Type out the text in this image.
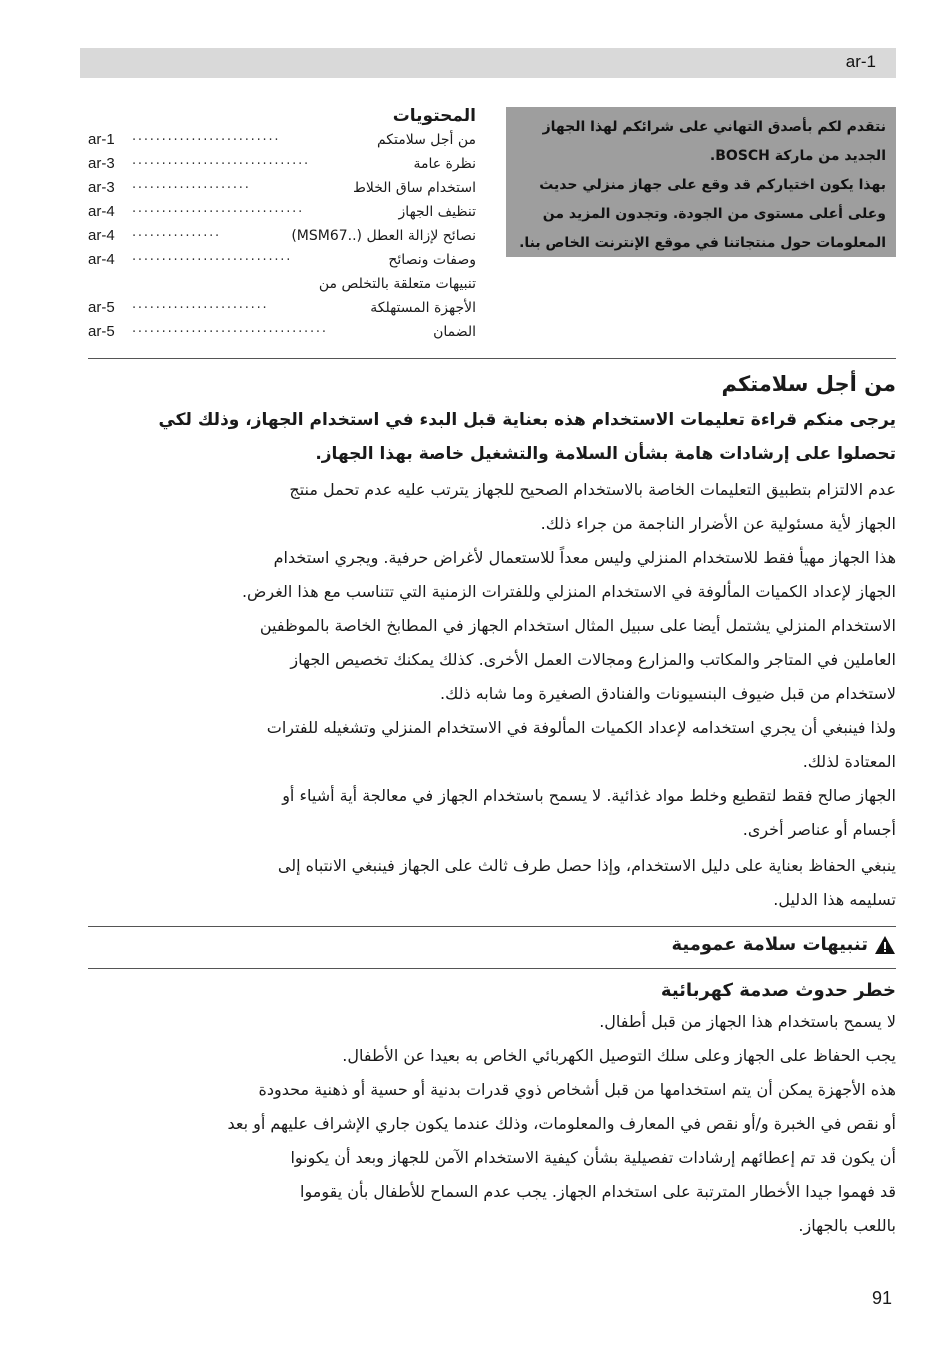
ar-1
نتقدم لكم بأصدق التهاني على شرائكم لهذا الجهاز
الجديد من ماركة BOSCH.
بهذا يكون اختياركم قد وقع على جهاز منزلي حديث
وعلى أعلى مستوى من الجودة. وتجدون المزيد من
المعلومات حول منتجاتنا في موقع الإنترنت الخاص بنا.
المحتويات
من أجل سلامتكم
.........................
ar-1
نظرة عامة
..............................
ar-3
استخدام ساق الخلاط
....................
ar-3
تنظيف الجهاز
.............................
ar-4
نصائح لإزالة العطل (..MSM67)
...............
ar-4
وصفات ونصائح
...........................
ar-4
تنبيهات متعلقة بالتخلص من
الأجهزة المستهلكة
.......................
ar-5
الضمان
.................................
ar-5
من أجل سلامتكم
يرجى منكم قراءة تعليمات الاستخدام هذه بعناية قبل البدء في استخدام الجهاز، وذلك لكي
تحصلوا على إرشادات هامة بشأن السلامة والتشغيل خاصة بهذا الجهاز.
عدم الالتزام بتطبيق التعليمات الخاصة بالاستخدام الصحيح للجهاز يترتب عليه عدم تحمل منتج
الجهاز لأية مسئولية عن الأضرار الناجمة من جراء ذلك.
هذا الجهاز مهيأ فقط للاستخدام المنزلي وليس معداً للاستعمال لأغراض حرفية. ويجري استخدام
الجهاز لإعداد الكميات المألوفة في الاستخدام المنزلي وللفترات الزمنية التي تتناسب مع هذا الغرض.
الاستخدام المنزلي يشتمل أيضا على سبيل المثال استخدام الجهاز في المطابخ الخاصة بالموظفين
العاملين في المتاجر والمكاتب والمزارع ومجالات العمل الأخرى. كذلك يمكنك تخصيص الجهاز
لاستخدام من قبل ضيوف البنسيونات والفنادق الصغيرة وما شابه ذلك.
ولذا فينبغي أن يجري استخدامه لإعداد الكميات المألوفة في الاستخدام المنزلي وتشغيله للفترات
المعتادة لذلك.
الجهاز صالح فقط لتقطيع وخلط مواد غذائية. لا يسمح باستخدام الجهاز في معالجة أية أشياء أو
أجسام أو عناصر أخرى.
ينبغي الحفاظ بعناية على دليل الاستخدام، وإذا حصل طرف ثالث على الجهاز فينبغي الانتباه إلى
تسليمه هذا الدليل.
تنبيهات سلامة عمومية
خطر حدوث صدمة كهربائية
لا يسمح باستخدام هذا الجهاز من قبل أطفال.
يجب الحفاظ على الجهاز وعلى سلك التوصيل الكهربائي الخاص به بعيدا عن الأطفال.
هذه الأجهزة يمكن أن يتم استخدامها من قبل أشخاص ذوي قدرات بدنية أو حسية أو ذهنية محدودة
أو نقص في الخبرة و/أو نقص في المعارف والمعلومات، وذلك عندما يكون جاري الإشراف عليهم أو بعد
أن يكون قد تم إعطائهم إرشادات تفصيلية بشأن كيفية الاستخدام الآمن للجهاز وبعد أن يكونوا
قد فهموا جيدا الأخطار المترتبة على استخدام الجهاز. يجب عدم السماح للأطفال بأن يقوموا
باللعب بالجهاز.
91
